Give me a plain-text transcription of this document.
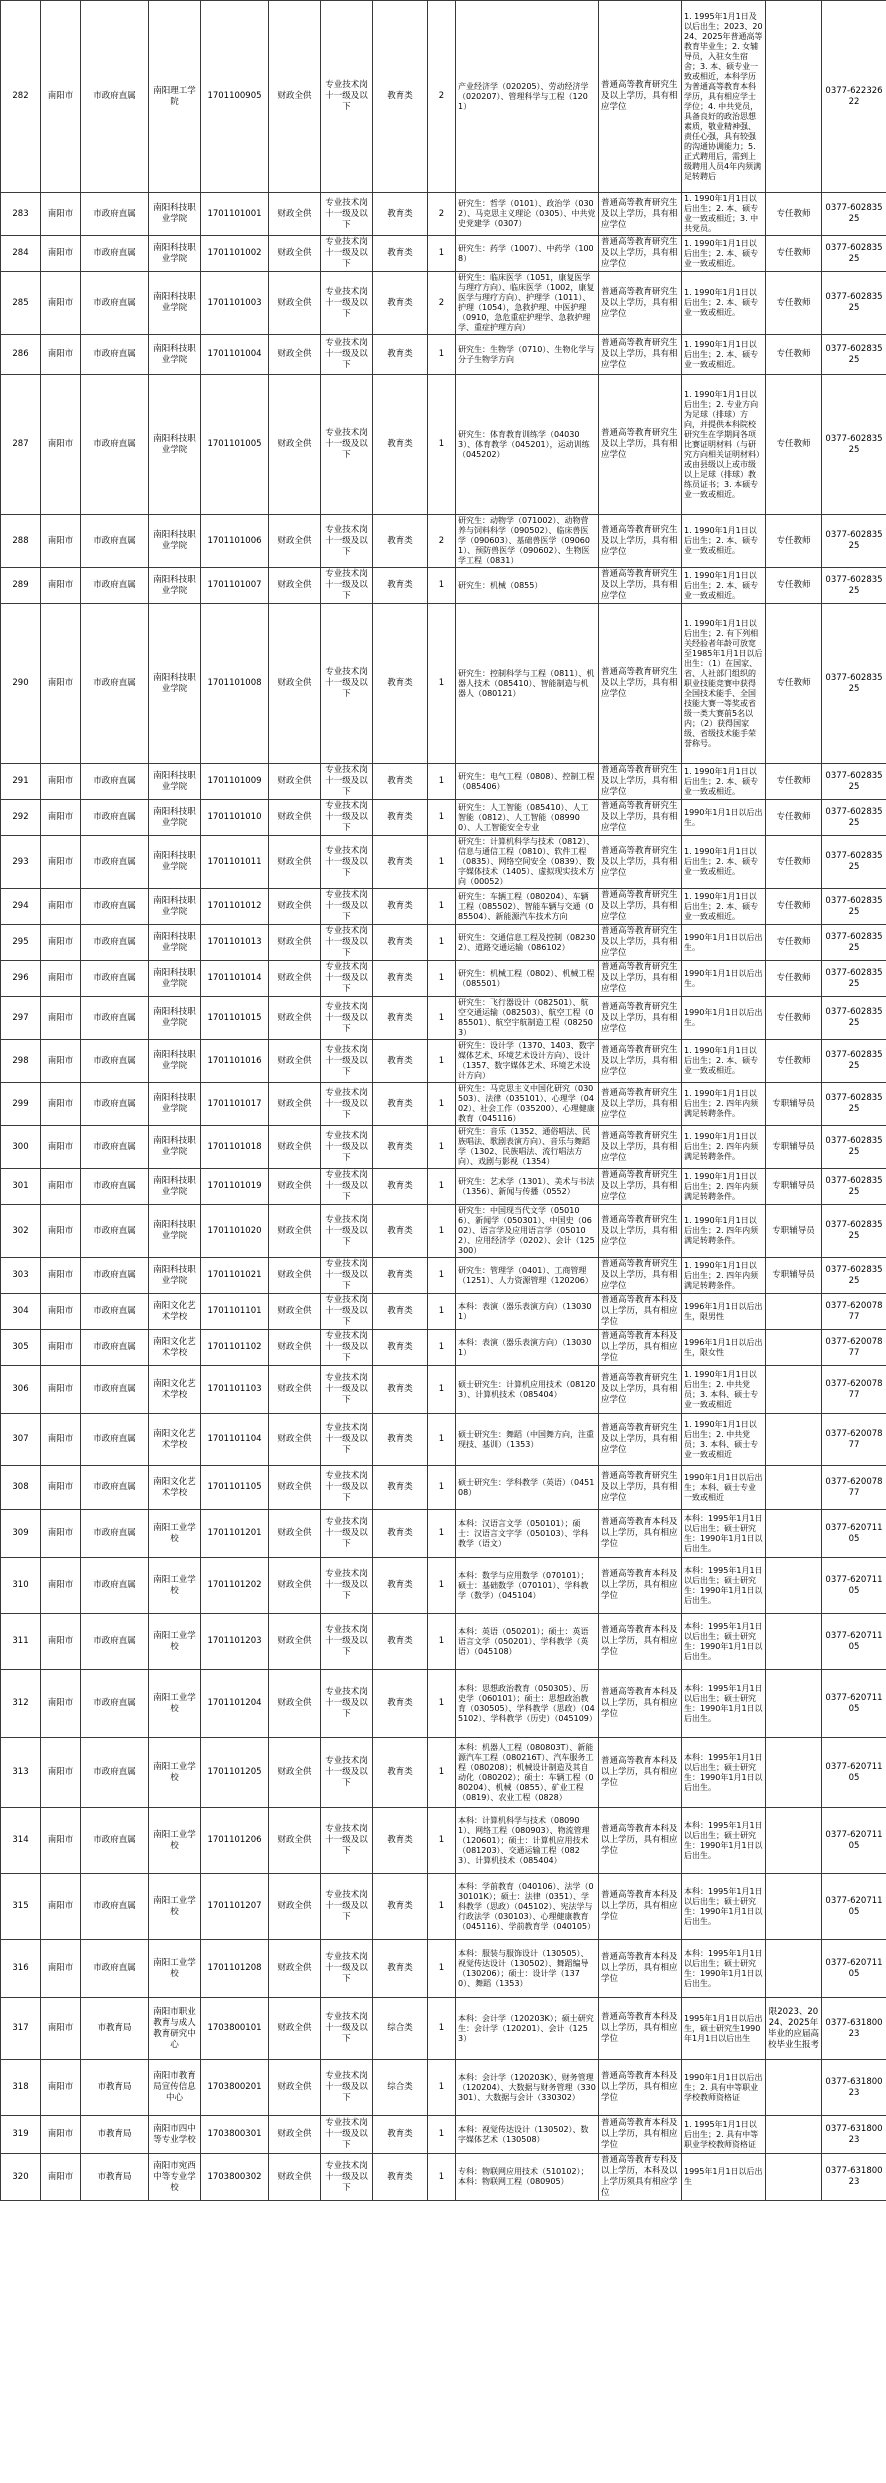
282	南阳市	市政府直属	南阳理工学院	1701100905	财政全供	专业技术岗十一级及以下	教育类	2	产业经济学（020205）、劳动经济学（020207）、管理科学与工程（1201）	普通高等教育研究生及以上学历，具有相应学位	1. 1995年1月1日及以后出生；2023、2024、2025年普通高等教育毕业生；2. 女辅导员，入驻女生宿舍；3. 本、硕专业一致或相近，本科学历为普通高等教育本科学历，具有相应学士学位；4. 中共党员，具备良好的政治思想素质，敬业精神强、责任心强，具有较强的沟通协调能力；5. 正式聘用后，需到上级聘用人员4年内须满足转聘后		0377-62232622
283	南阳市	市政府直属	南阳科技职业学院	1701101001	财政全供	专业技术岗十一级及以下	教育类	2	研究生：哲学（0101）、政治学（0302）、马克思主义理论（0305）、中共党史党建学（0307）	普通高等教育研究生及以上学历，具有相应学位	1. 1990年1月1日以后出生；2. 本、硕专业一致或相近；3. 中共党员。	专任教师	0377-60283525
284	南阳市	市政府直属	南阳科技职业学院	1701101002	财政全供	专业技术岗十一级及以下	教育类	1	研究生：药学（1007）、中药学（1008）	普通高等教育研究生及以上学历，具有相应学位	1. 1990年1月1日以后出生；2. 本、硕专业一致或相近。	专任教师	0377-60283525
285	南阳市	市政府直属	南阳科技职业学院	1701101003	财政全供	专业技术岗十一级及以下	教育类	2	研究生：临床医学（1051，康复医学与理疗方向）、临床医学（1002，康复医学与理疗方向）、护理学（1011）、护理（1054），急救护理、中医护理（0910，急危重症护理学、急救护理学、重症护理方向）	普通高等教育研究生及以上学历，具有相应学位	1. 1990年1月1日以后出生；2. 本、硕专业一致或相近。	专任教师	0377-60283525
286	南阳市	市政府直属	南阳科技职业学院	1701101004	财政全供	专业技术岗十一级及以下	教育类	1	研究生：生物学（0710）、生物化学与分子生物学方向	普通高等教育研究生及以上学历，具有相应学位	1. 1990年1月1日以后出生；2. 本、硕专业一致或相近。	专任教师	0377-60283525
287	南阳市	市政府直属	南阳科技职业学院	1701101005	财政全供	专业技术岗十一级及以下	教育类	1	研究生：体育教育训练学（040303）、体育教学（045201），运动训练（045202）	普通高等教育研究生及以上学历，具有相应学位	1. 1990年1月1日以后出生；2. 专业方向为足球（排球）方向，并提供本科院校研究生在学期间各项比赛证明材料（与研究方向相关证明材料）或由县级以上或市级以上足球（排球）教练员证书；3. 本硕专业一致或相近。	专任教师	0377-60283525
288	南阳市	市政府直属	南阳科技职业学院	1701101006	财政全供	专业技术岗十一级及以下	教育类	2	研究生：动物学（071002）、动物营养与饲料科学（090502）、临床兽医学（090603）、基础兽医学（090601）、预防兽医学（090602）、生物医学工程（0831）	普通高等教育研究生及以上学历，具有相应学位	1. 1990年1月1日以后出生；2. 本、硕专业一致或相近。	专任教师	0377-60283525
289	南阳市	市政府直属	南阳科技职业学院	1701101007	财政全供	专业技术岗十一级及以下	教育类	1	研究生：机械（0855）	普通高等教育研究生及以上学历，具有相应学位	1. 1990年1月1日以后出生；2. 本、硕专业一致或相近。	专任教师	0377-60283525
290	南阳市	市政府直属	南阳科技职业学院	1701101008	财政全供	专业技术岗十一级及以下	教育类	1	研究生：控制科学与工程（0811）、机器人技术（085410）、智能制造与机器人（080121）	普通高等教育研究生及以上学历，具有相应学位	1. 1990年1月1日以后出生；2. 有下列相关经验者年龄可放宽至1985年1月1日以后出生：（1）在国家、省、人社部门组织的职业技能竞赛中获得全国技术能手、全国技能大赛一等奖或省级一类大赛前5名以内；（2）获得国家级、省级技术能手荣誉称号。	专任教师	0377-60283525
291	南阳市	市政府直属	南阳科技职业学院	1701101009	财政全供	专业技术岗十一级及以下	教育类	1	研究生：电气工程（0808）、控制工程（085406）	普通高等教育研究生及以上学历，具有相应学位	1. 1990年1月1日以后出生；2. 本、硕专业一致或相近。	专任教师	0377-60283525
292	南阳市	市政府直属	南阳科技职业学院	1701101010	财政全供	专业技术岗十一级及以下	教育类	1	研究生：人工智能（085410）、人工智能（0812）、人工智能（089900）、人工智能安全专业	普通高等教育研究生及以上学历，具有相应学位	1990年1月1日以后出生。	专任教师	0377-60283525
293	南阳市	市政府直属	南阳科技职业学院	1701101011	财政全供	专业技术岗十一级及以下	教育类	1	研究生：计算机科学与技术（0812）、信息与通信工程（0810）、软件工程（0835）、网络空间安全（0839）、数字媒体技术（1405）、虚拟现实技术方向（00052）	普通高等教育研究生及以上学历，具有相应学位	1. 1990年1月1日以后出生；2. 本、硕专业一致或相近。	专任教师	0377-60283525
294	南阳市	市政府直属	南阳科技职业学院	1701101012	财政全供	专业技术岗十一级及以下	教育类	1	研究生：车辆工程（080204）、车辆工程（085502）、智能车辆与交通（085504）、新能源汽车技术方向	普通高等教育研究生及以上学历，具有相应学位	1. 1990年1月1日以后出生；2. 本、硕专业一致或相近。	专任教师	0377-60283525
295	南阳市	市政府直属	南阳科技职业学院	1701101013	财政全供	专业技术岗十一级及以下	教育类	1	研究生：交通信息工程及控制（082302）、道路交通运输（086102）	普通高等教育研究生及以上学历，具有相应学位	1990年1月1日以后出生。	专任教师	0377-60283525
296	南阳市	市政府直属	南阳科技职业学院	1701101014	财政全供	专业技术岗十一级及以下	教育类	1	研究生：机械工程（0802）、机械工程（085501）	普通高等教育研究生及以上学历，具有相应学位	1990年1月1日以后出生。	专任教师	0377-60283525
297	南阳市	市政府直属	南阳科技职业学院	1701101015	财政全供	专业技术岗十一级及以下	教育类	1	研究生：飞行器设计（082501）、航空交通运输（082503）、航空工程（085501）、航空宇航制造工程（082503）	普通高等教育研究生及以上学历，具有相应学位	1990年1月1日以后出生。	专任教师	0377-60283525
298	南阳市	市政府直属	南阳科技职业学院	1701101016	财政全供	专业技术岗十一级及以下	教育类	1	研究生：设计学（1370、1403、数字媒体艺术、环境艺术设计方向）、设计（1357、数字媒体艺术、环境艺术设计方向）	普通高等教育研究生及以上学历，具有相应学位	1. 1990年1月1日以后出生；2. 本、硕专业一致或相近。	专任教师	0377-60283525
299	南阳市	市政府直属	南阳科技职业学院	1701101017	财政全供	专业技术岗十一级及以下	教育类	1	研究生：马克思主义中国化研究（030503）、法律（035101）、心理学（0402）、社会工作（035200）、心理健康教育（045116）	普通高等教育研究生及以上学历，具有相应学位	1. 1990年1月1日以后出生；2. 四年内须满足转聘条件。	专职辅导员	0377-60283525
300	南阳市	市政府直属	南阳科技职业学院	1701101018	财政全供	专业技术岗十一级及以下	教育类	1	研究生：音乐（1352、通俗唱法、民族唱法、歌剧表演方向）、音乐与舞蹈学（1302、民族唱法、流行唱法方向）、戏剧与影视（1354）	普通高等教育研究生及以上学历，具有相应学位	1. 1990年1月1日以后出生；2. 四年内须满足转聘条件。	专职辅导员	0377-60283525
301	南阳市	市政府直属	南阳科技职业学院	1701101019	财政全供	专业技术岗十一级及以下	教育类	1	研究生：艺术学（1301）、美术与书法（1356）、新闻与传播（0552）	普通高等教育研究生及以上学历，具有相应学位	1. 1990年1月1日以后出生；2. 四年内须满足转聘条件。	专职辅导员	0377-60283525
302	南阳市	市政府直属	南阳科技职业学院	1701101020	财政全供	专业技术岗十一级及以下	教育类	1	研究生：中国现当代文学（050106）、新闻学（050301）、中国史（0602）、语言学及应用语言学（050102）、应用经济学（0202）、会计（125300）	普通高等教育研究生及以上学历，具有相应学位	1. 1990年1月1日以后出生；2. 四年内须满足转聘条件。	专职辅导员	0377-60283525
303	南阳市	市政府直属	南阳科技职业学院	1701101021	财政全供	专业技术岗十一级及以下	教育类	1	研究生：管理学（0401）、工商管理（1251）、人力资源管理（120206）	普通高等教育研究生及以上学历，具有相应学位	1. 1990年1月1日以后出生；2. 四年内须满足转聘条件。	专职辅导员	0377-60283525
304	南阳市	市政府直属	南阳文化艺术学校	1701101101	财政全供	专业技术岗十一级及以下	教育类	1	本科：表演（器乐表演方向）（130301）	普通高等教育本科及以上学历，具有相应学位	1996年1月1日以后出生，限男性		0377-62007877
305	南阳市	市政府直属	南阳文化艺术学校	1701101102	财政全供	专业技术岗十一级及以下	教育类	1	本科：表演（器乐表演方向）（130301）	普通高等教育本科及以上学历，具有相应学位	1996年1月1日以后出生，限女性		0377-62007877
306	南阳市	市政府直属	南阳文化艺术学校	1701101103	财政全供	专业技术岗十一级及以下	教育类	1	硕士研究生：计算机应用技术（081203）、计算机技术（085404）	普通高等教育研究生及以上学历，具有相应学位	1. 1990年1月1日以后出生；2. 中共党员；3. 本科、硕士专业一致或相近		0377-62007877
307	南阳市	市政府直属	南阳文化艺术学校	1701101104	财政全供	专业技术岗十一级及以下	教育类	1	硕士研究生：舞蹈（中国舞方向，注重现技、基训）（1353）	普通高等教育研究生及以上学历，具有相应学位	1. 1990年1月1日以后出生；2. 中共党员；3. 本科、硕士专业一致或相近		0377-62007877
308	南阳市	市政府直属	南阳文化艺术学校	1701101105	财政全供	专业技术岗十一级及以下	教育类	1	硕士研究生：学科教学（英语）（045108）	普通高等教育研究生及以上学历，具有相应学位	1990年1月1日以后出生；本科、硕士专业一致或相近		0377-62007877
309	南阳市	市政府直属	南阳工业学校	1701101201	财政全供	专业技术岗十一级及以下	教育类	1	本科：汉语言文学（050101）；硕士：汉语言文字学（050103）、学科教学（语文）	普通高等教育本科及以上学历，具有相应学位	本科：1995年1月1日以后出生；硕士研究生：1990年1月1日以后出生。		0377-62071105
310	南阳市	市政府直属	南阳工业学校	1701101202	财政全供	专业技术岗十一级及以下	教育类	1	本科：数学与应用数学（070101）；硕士：基础数学（070101）、学科教学（数学）（045104）	普通高等教育本科及以上学历，具有相应学位	本科：1995年1月1日以后出生；硕士研究生：1990年1月1日以后出生。		0377-62071105
311	南阳市	市政府直属	南阳工业学校	1701101203	财政全供	专业技术岗十一级及以下	教育类	1	本科：英语（050201）；硕士：英语语言文学（050201）、学科教学（英语）（045108）	普通高等教育本科及以上学历，具有相应学位	本科：1995年1月1日以后出生；硕士研究生：1990年1月1日以后出生。		0377-62071105
312	南阳市	市政府直属	南阳工业学校	1701101204	财政全供	专业技术岗十一级及以下	教育类	1	本科：思想政治教育（050305）、历史学（060101）；硕士：思想政治教育（030505）、学科教学（思政）（045102）、学科教学（历史）（045109）	普通高等教育本科及以上学历，具有相应学位	本科：1995年1月1日以后出生；硕士研究生：1990年1月1日以后出生。		0377-62071105
313	南阳市	市政府直属	南阳工业学校	1701101205	财政全供	专业技术岗十一级及以下	教育类	1	本科：机器人工程（080803T）、新能源汽车工程（080216T）、汽车服务工程（080208）；机械设计制造及其自动化（080202）；硕士：车辆工程（080204）、机械（0855）、矿业工程（0819）、农业工程（0828）	普通高等教育本科及以上学历，具有相应学位	本科：1995年1月1日以后出生；硕士研究生：1990年1月1日以后出生。		0377-62071105
314	南阳市	市政府直属	南阳工业学校	1701101206	财政全供	专业技术岗十一级及以下	教育类	1	本科：计算机科学与技术（080901）、网络工程（080903）、物流管理（120601）；硕士：计算机应用技术（081203）、交通运输工程（0823）、计算机技术（085404）	普通高等教育本科及以上学历，具有相应学位	本科：1995年1月1日以后出生；硕士研究生：1990年1月1日以后出生。		0377-62071105
315	南阳市	市政府直属	南阳工业学校	1701101207	财政全供	专业技术岗十一级及以下	教育类	1	本科：学前教育（040106）、法学（030101K）；硕士：法律（0351）、学科教学（思政）（045102）、宪法学与行政法学（030103）、心理健康教育（045116）、学前教育学（040105）	普通高等教育本科及以上学历，具有相应学位	本科：1995年1月1日以后出生；硕士研究生：1990年1月1日以后出生。		0377-62071105
316	南阳市	市政府直属	南阳工业学校	1701101208	财政全供	专业技术岗十一级及以下	教育类	1	本科：服装与服饰设计（130505）、视觉传达设计（130502）、舞蹈编导（130206）；硕士：设计学（1370）、舞蹈（1353）	普通高等教育本科及以上学历，具有相应学位	本科：1995年1月1日以后出生；硕士研究生：1990年1月1日以后出生。		0377-62071105
317	南阳市	市教育局	南阳市职业教育与成人教育研究中心	1703800101	财政全供	专业技术岗十一级及以下	综合类	1	本科：会计学（120203K）；硕士研究生：会计学（120201）、会计（1253）	普通高等教育本科及以上学历，具有相应学位	1995年1月1日以后出生，硕士研究生1990年1月1日以后出生	限2023、2024、2025年毕业的应届高校毕业生报考	0377-63180023
318	南阳市	市教育局	南阳市教育局宣传信息中心	1703800201	财政全供	专业技术岗十一级及以下	综合类	1	本科：会计学（120203K）、财务管理（120204）、大数据与财务管理（330301）、大数据与会计（330302）	普通高等教育本科及以上学历，具有相应学位	1990年1月1日以后出生；2. 具有中等职业学校教师资格证		0377-63180023
319	南阳市	市教育局	南阳市四中等专业学校	1703800301	财政全供	专业技术岗十一级及以下	教育类	1	本科：视觉传达设计（130502）、数字媒体艺术（130508）	普通高等教育本科及以上学历，具有相应学位	1. 1995年1月1日以后出生；2. 具有中等职业学校教师资格证		0377-63180023
320	南阳市	市教育局	南阳市宛西中等专业学校	1703800302	财政全供	专业技术岗十一级及以下	教育类	1	专科：物联网应用技术（510102）；本科：物联网工程（080905）	普通高等教育专科及以上学历，本科及以上学历须具有相应学位	1995年1月1日以后出生		0377-63180023
